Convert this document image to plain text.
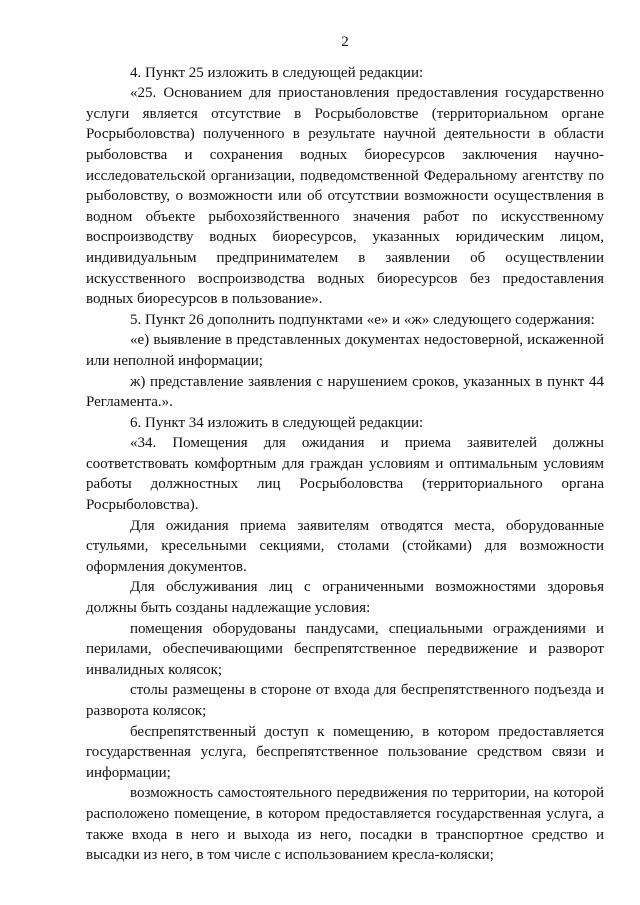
2

4. Пункт 25 изложить в следующей редакции:

«25. Основанием для приостановления предоставления государственно услуги является отсутствие в Росрыболовстве (территориальном органе Росрыболовства) полученного в результате научной деятельности в области рыболовства и сохранения водных биоресурсов заключения научно-исследовательской организации, подведомственной Федеральному агентству по рыболовству, о возможности или об отсутствии возможности осуществления в водном объекте рыбохозяйственного значения работ по искусственному воспроизводству водных биоресурсов, указанных юридическим лицом, индивидуальным предпринимателем в заявлении об осуществлении искусственного воспроизводства водных биоресурсов без предоставления водных биоресурсов в пользование».

5. Пункт 26 дополнить подпунктами «е» и «ж» следующего содержания:

«е) выявление в представленных документах недостоверной, искаженной или неполной информации;

ж) представление заявления с нарушением сроков, указанных в пункт 44 Регламента.».

6. Пункт 34 изложить в следующей редакции:

«34. Помещения для ожидания и приема заявителей должны соответствовать комфортным для граждан условиям и оптимальным условиям работы должностных лиц Росрыболовства (территориального органа Росрыболовства).

Для ожидания приема заявителям отводятся места, оборудованные стульями, кресельными секциями, столами (стойками) для возможности оформления документов.

Для обслуживания лиц с ограниченными возможностями здоровья должны быть созданы надлежащие условия:

помещения оборудованы пандусами, специальными ограждениями и перилами, обеспечивающими беспрепятственное передвижение и разворот инвалидных колясок;

столы размещены в стороне от входа для беспрепятственного подъезда и разворота колясок;

беспрепятственный доступ к помещению, в котором предоставляется государственная услуга, беспрепятственное пользование средством связи и информации;

возможность самостоятельного передвижения по территории, на которой расположено помещение, в котором предоставляется государственная услуга, а также входа в него и выхода из него, посадки в транспортное средство и высадки из него, в том числе с использованием кресла-коляски;
